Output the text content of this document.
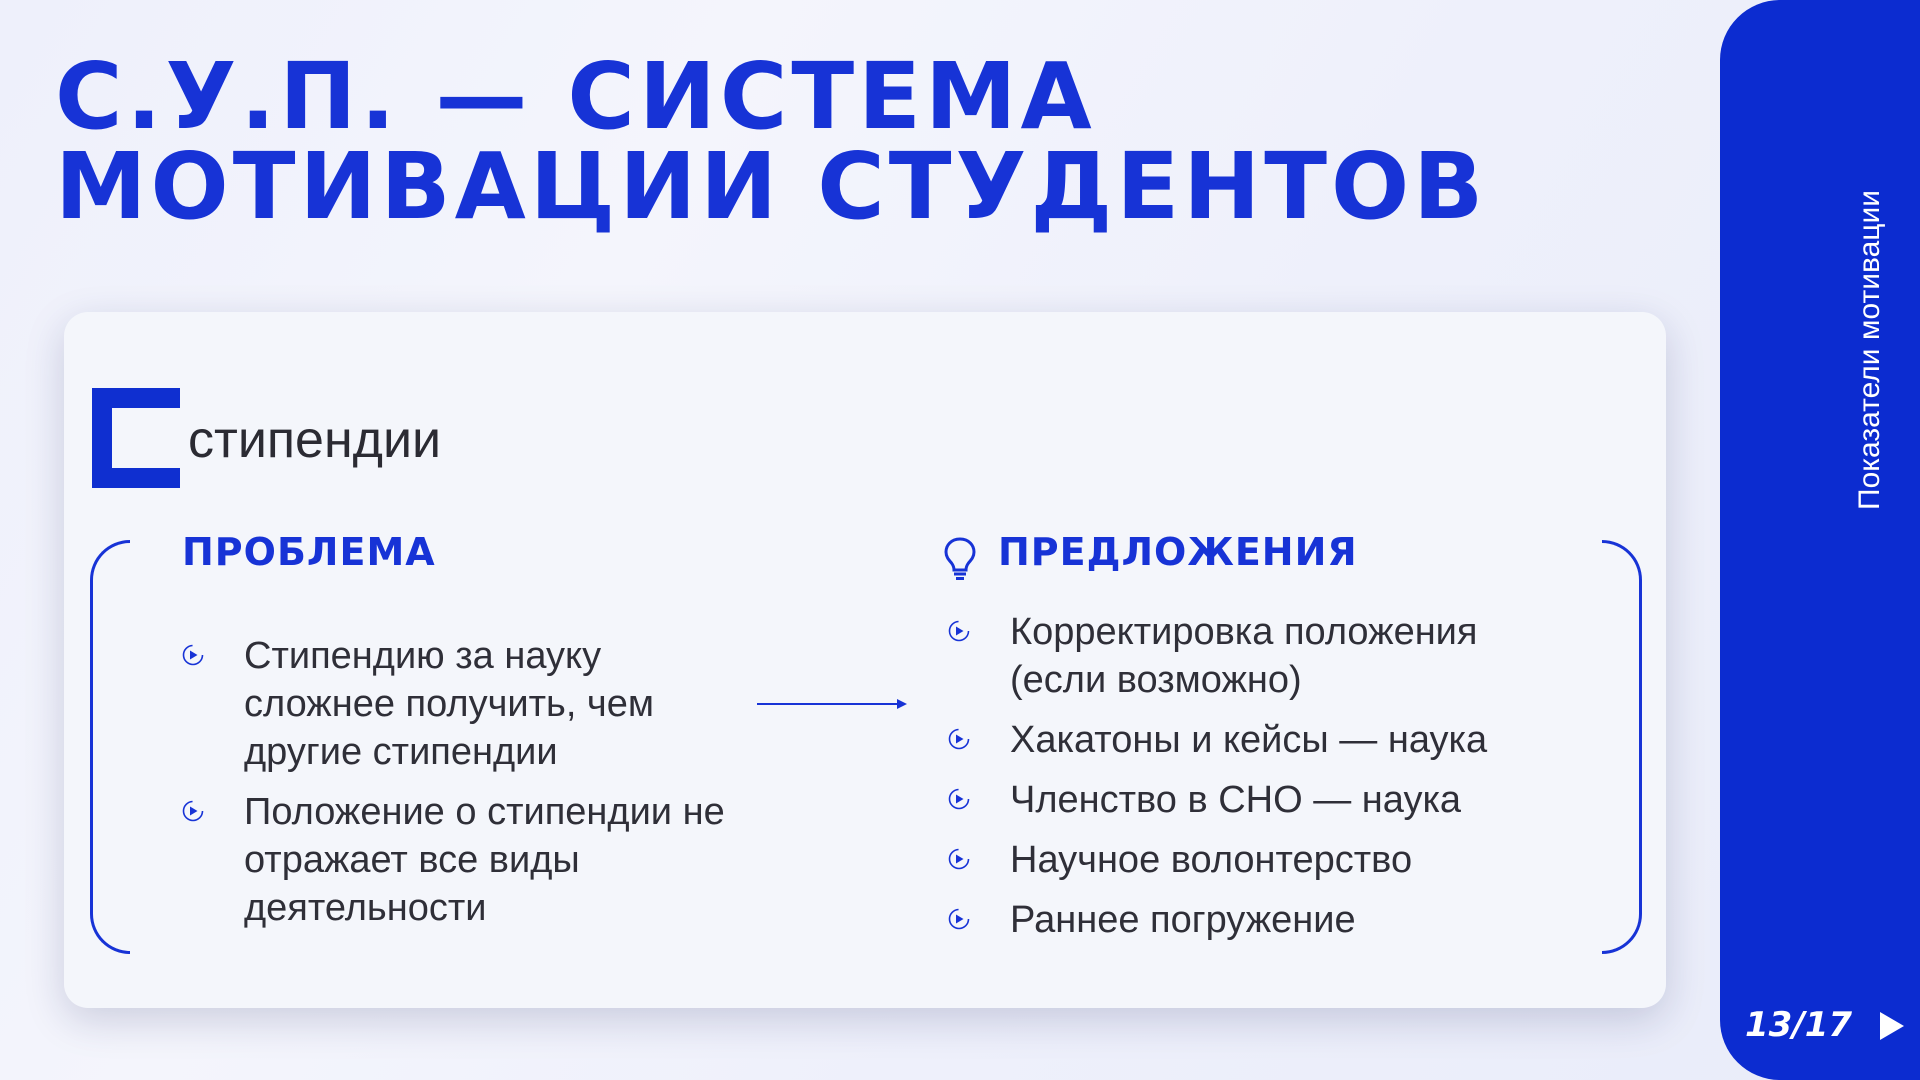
С.У.П. — СИСТЕМА
МОТИВАЦИИ СТУДЕНТОВ
Показатели мотивации
13/17
стипендии
ПРОБЛЕМА	ПРЕДЛОЖЕНИЯ
Стипендию за науку сложнее получить, чем другие стипендии
Положение о стипендии не отражает все виды деятельности
Корректировка положения (если возможно)
Хакатоны и кейсы — наука
Членство в СНО — наука
Научное волонтерство
Раннее погружение
